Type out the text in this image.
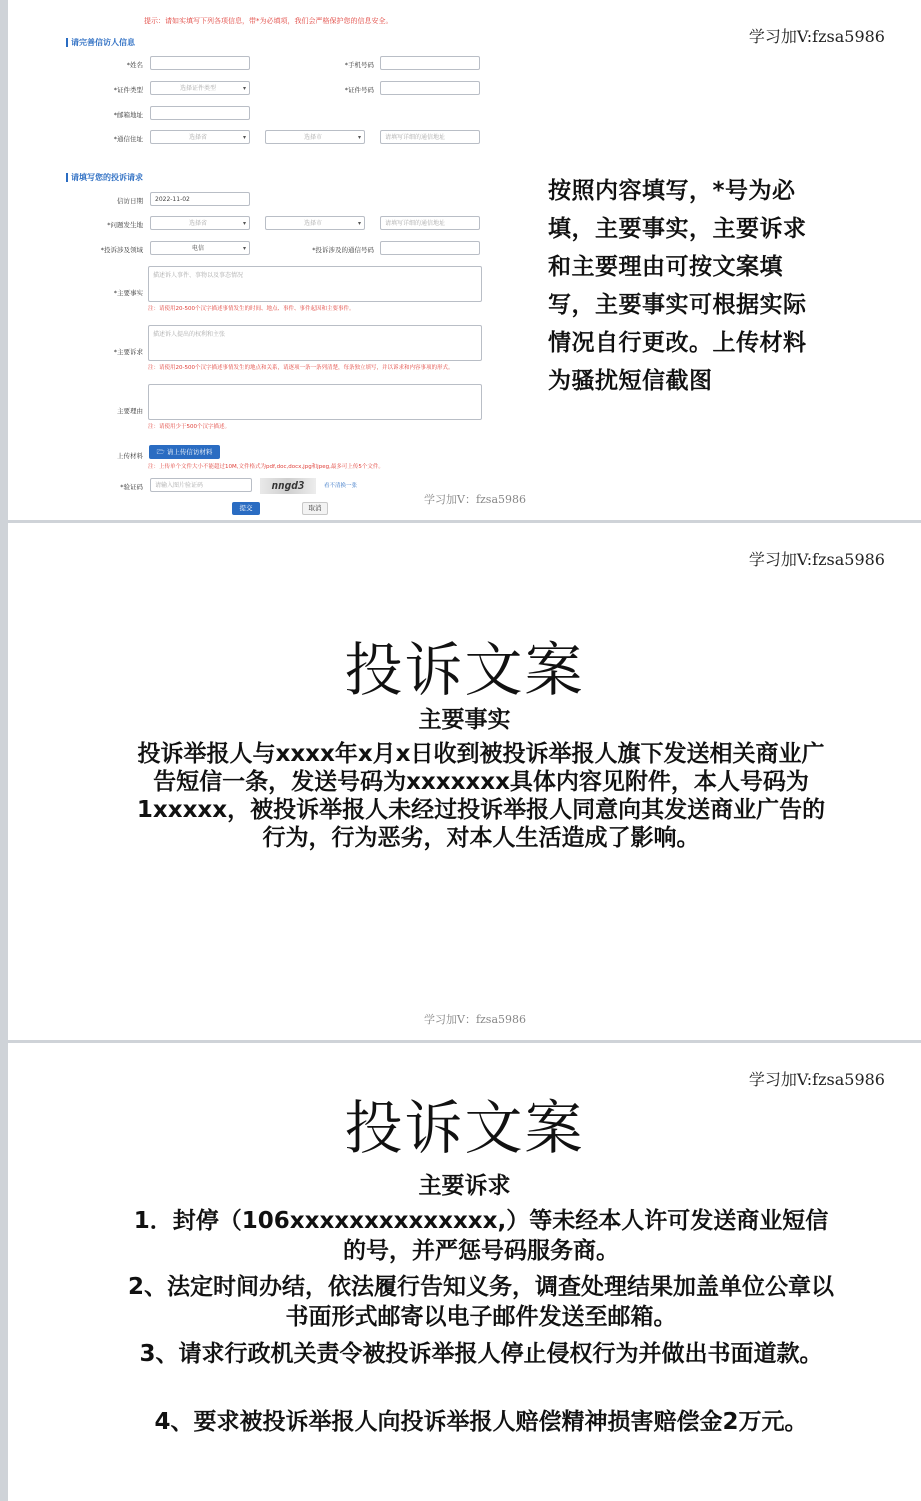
学习加V:fzsa5986
提示：请如实填写下列各项信息，带*为必填项，我们会严格保护您的信息安全。
请完善信访人信息
*姓名	*手机号码
*证件类型	选择证件类型	▾	*证件号码
*邮箱地址
*通信住址	选择省	▾	选择市	▾	请填写详细的通信地址
请填写您的投诉请求
信访日期	2022-11-02
*问题发生地	选择省	▾	选择市	▾	请填写详细的通信地址
*投诉涉及领域	电信	▾	*投诉涉及的通信号码
*主要事实
描述诉人事件、事物以及事态情况
注：请使用20-500个汉字描述事情发生的时间、地点、事件、事件起因和主要事件。
*主要诉求
描述诉人提出的权利和主张
注：请使用20-500个汉字描述事情发生的地点和关系，请逐项一条一条列清楚，每条独立填写，并以诉求和内容事项的形式。
主要理由
注：请使用少于500个汉字描述。
上传材料	🗁 请上传信访材料
注：上传单个文件大小不能超过10M,文件格式为pdf,doc,docx,jpg和jpeg,最多可上传5个文件。
*验证码	请输入图片验证码	nngd3	看不清换一张
学习加V：fzsa5986
提交	取消
按照内容填写，*号为必填，主要事实，主要诉求和主要理由可按文案填写，主要事实可根据实际情况自行更改。上传材料为骚扰短信截图
学习加V:fzsa5986
投诉文案
主要事实
投诉举报人与xxxx年x月x日收到被投诉举报人旗下发送相关商业广告短信一条，发送号码为xxxxxxx具体内容见附件，本人号码为1xxxxx，被投诉举报人未经过投诉举报人同意向其发送商业广告的行为，行为恶劣，对本人生活造成了影响。
学习加V：fzsa5986
学习加V:fzsa5986
投诉文案
主要诉求
1．封停（106xxxxxxxxxxxxxx,）等未经本人许可发送商业短信的号，并严惩号码服务商。
2、法定时间办结，依法履行告知义务，调查处理结果加盖单位公章以书面形式邮寄以电子邮件发送至邮箱。
3、请求行政机关责令被投诉举报人停止侵权行为并做出书面道款。
4、要求被投诉举报人向投诉举报人赔偿精神损害赔偿金2万元。
